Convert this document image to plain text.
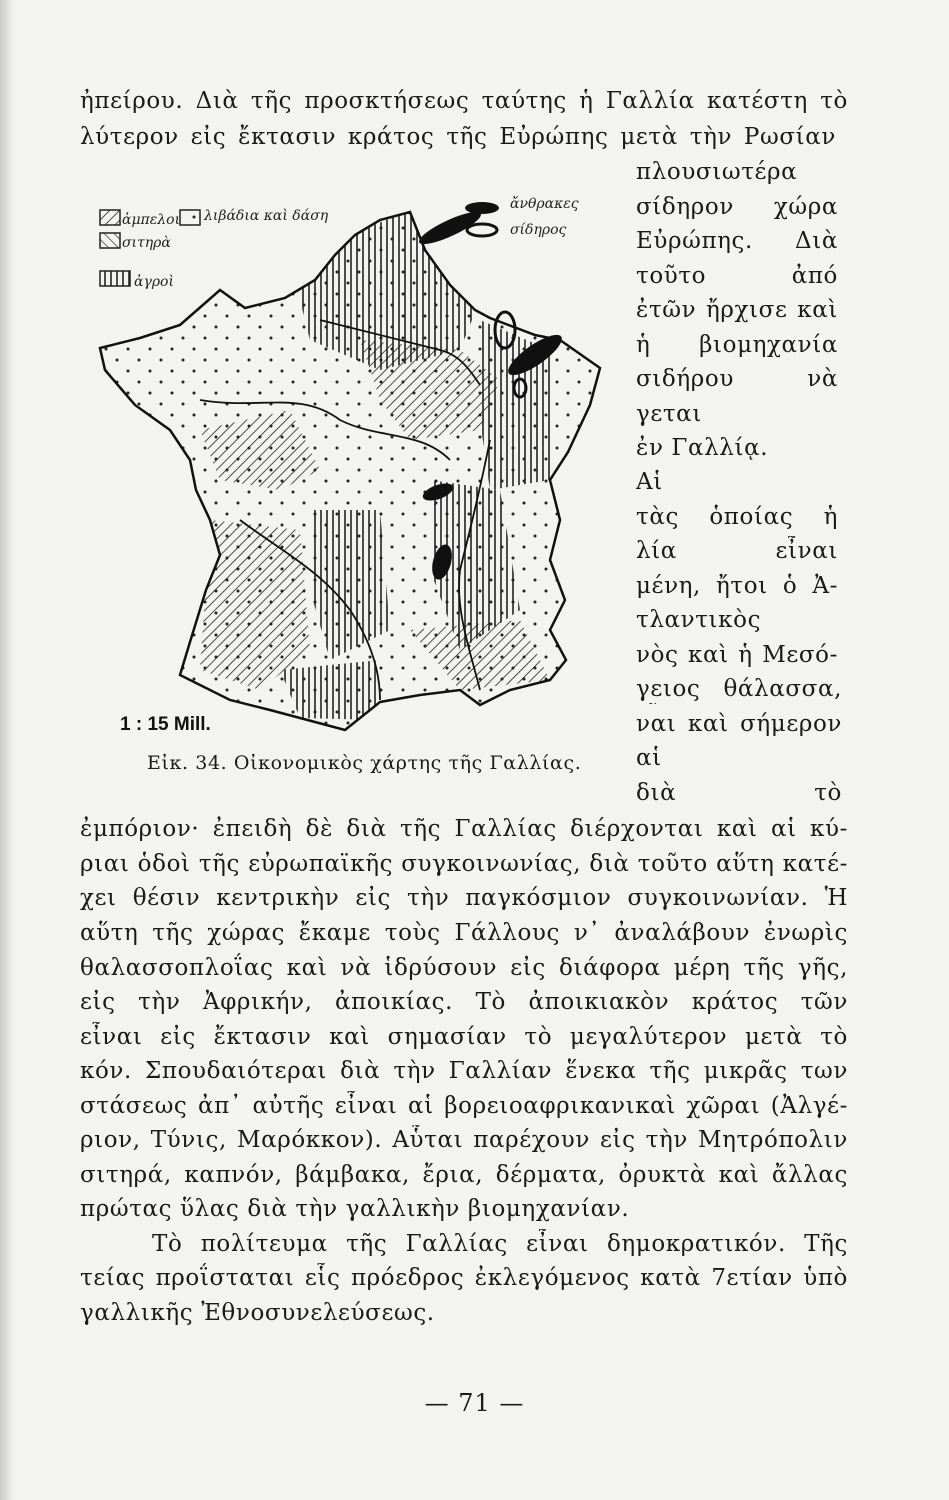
ἠπείρου. Διὰ τῆς προσκτήσεως ταύτης ἡ Γαλλία κατέστη τὸ
λύτερον εἰς ἔκτασιν κράτος τῆς Εὐρώπης μετὰ τὴν Ρωσίαν
πλουσιωτέρα
σίδηρον χώρα
Εὐρώπης. Διὰ
τοῦτο ἀπό
ἐτῶν ἤρχισε καὶ
ἡ βιομηχανία
σιδήρου νὰ
γεται
ἐν Γαλλίᾳ.
Αἱ
τὰς ὁποίας ἡ
λία εἶναι
μένη, ἤτοι ὁ Ἀ-
τλαντικὸς
νὸς καὶ ἡ Μεσό-
γειος θάλασσα,
ναι καὶ σήμερον
αἱ
διὰ τὸ
ἐμπόριον· ἐπειδὴ δὲ διὰ τῆς Γαλλίας διέρχονται καὶ αἱ κύ-
ριαι ὁδοὶ τῆς εὐρωπαϊκῆς συγκοινωνίας, διὰ τοῦτο αὕτη κατέ-
χει θέσιν κεντρικὴν εἰς τὴν παγκόσμιον συγκοινωνίαν. Ἡ
αὕτη τῆς χώρας ἔκαμε τοὺς Γάλλους ν᾽ ἀναλάβουν ἐνωρὶς
θαλασσοπλοΐας καὶ νὰ ἱδρύσουν εἰς διάφορα μέρη τῆς γῆς,
εἰς τὴν Ἀφρικήν, ἀποικίας. Τὸ ἀποικιακὸν κράτος τῶν
εἶναι εἰς ἔκτασιν καὶ σημασίαν τὸ μεγαλύτερον μετὰ τὸ
κόν. Σπουδαιότεραι διὰ τὴν Γαλλίαν ἕνεκα τῆς μικρᾶς των
στάσεως ἀπ᾽ αὐτῆς εἶναι αἱ βορειοαφρικανικαὶ χῶραι (Ἀλγέ-
ριον, Τύνις, Μαρόκκον). Αὗται παρέχουν εἰς τὴν Μητρόπολιν
σιτηρά, καπνόν, βάμβακα, ἔρια, δέρματα, ὀρυκτὰ καὶ ἄλλας
πρώτας ὕλας διὰ τὴν γαλλικὴν βιομηχανίαν.
Τὸ πολίτευμα τῆς Γαλλίας εἶναι δημοκρατικόν. Τῆς
τείας προΐσταται εἷς πρόεδρος ἐκλεγόμενος κατὰ 7ετίαν ὑπὸ
γαλλικῆς Ἐθνοσυνελεύσεως.
Εἰκ. 34. Οἰκονομικὸς χάρτης τῆς Γαλλίας.
— 71 —
ἀμπελοι λιβάδια καὶ δάση
σιτηρὰ
ἀγροὶ
ἄνθρακες
σίδηρος
1 : 15 Mill.
